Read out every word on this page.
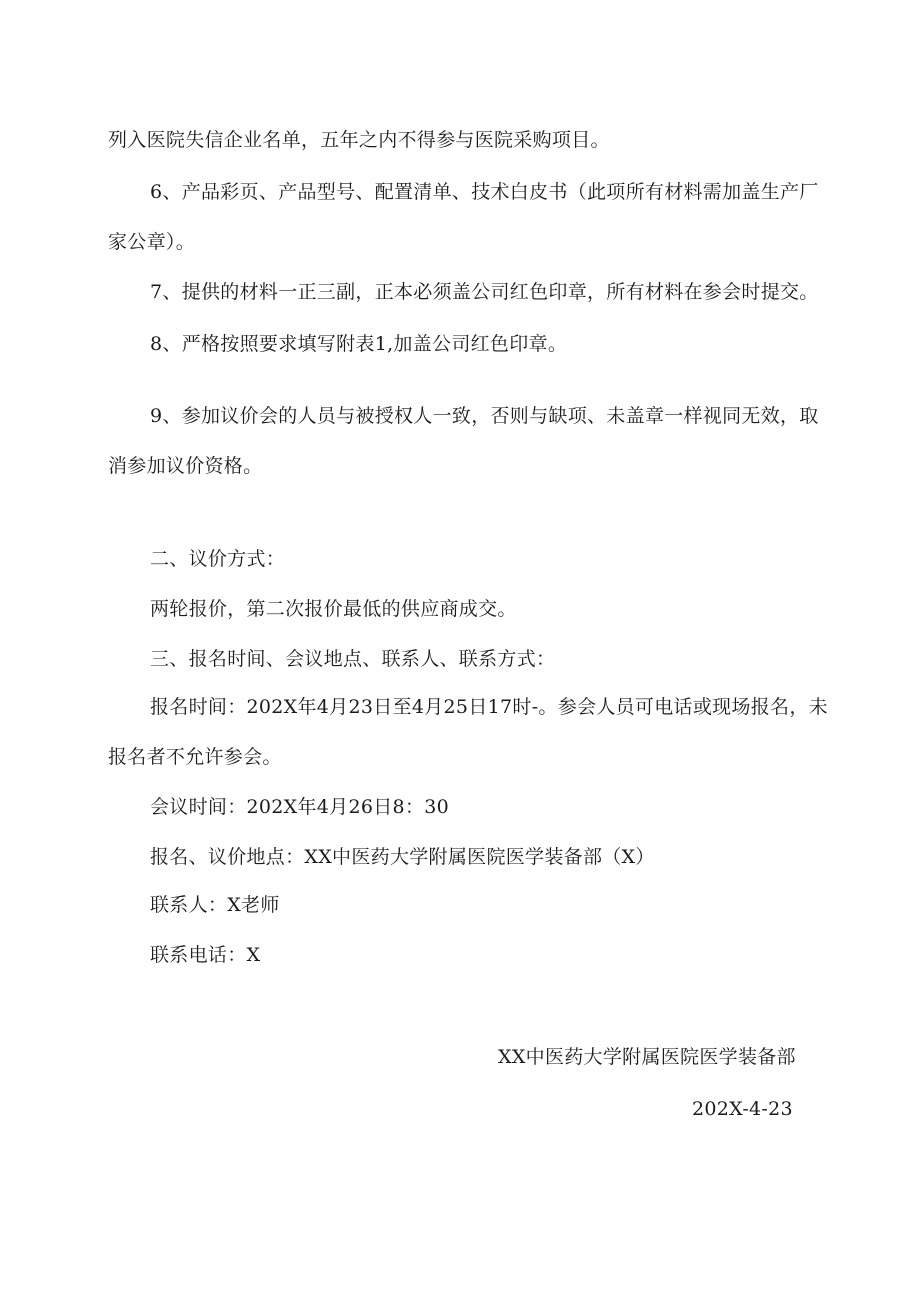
列入医院失信企业名单，五年之内不得参与医院采购项目。
6、产品彩页、产品型号、配置清单、技术白皮书（此项所有材料需加盖生产厂
家公章）。
7、提供的材料一正三副，正本必须盖公司红色印章，所有材料在参会时提交。
8、严格按照要求填写附表1,加盖公司红色印章。
9、参加议价会的人员与被授权人一致，否则与缺项、未盖章一样视同无效，取
消参加议价资格。
二、议价方式：
两轮报价，第二次报价最低的供应商成交。
三、报名时间、会议地点、联系人、联系方式：
报名时间：202X年4月23日至4月25日17时-。参会人员可电话或现场报名，未
报名者不允许参会。
会议时间：202X年4月26日8：30
报名、议价地点：XX中医药大学附属医院医学装备部（X）
联系人：X老师
联系电话：X
XX中医药大学附属医院医学装备部
202X-4-23
